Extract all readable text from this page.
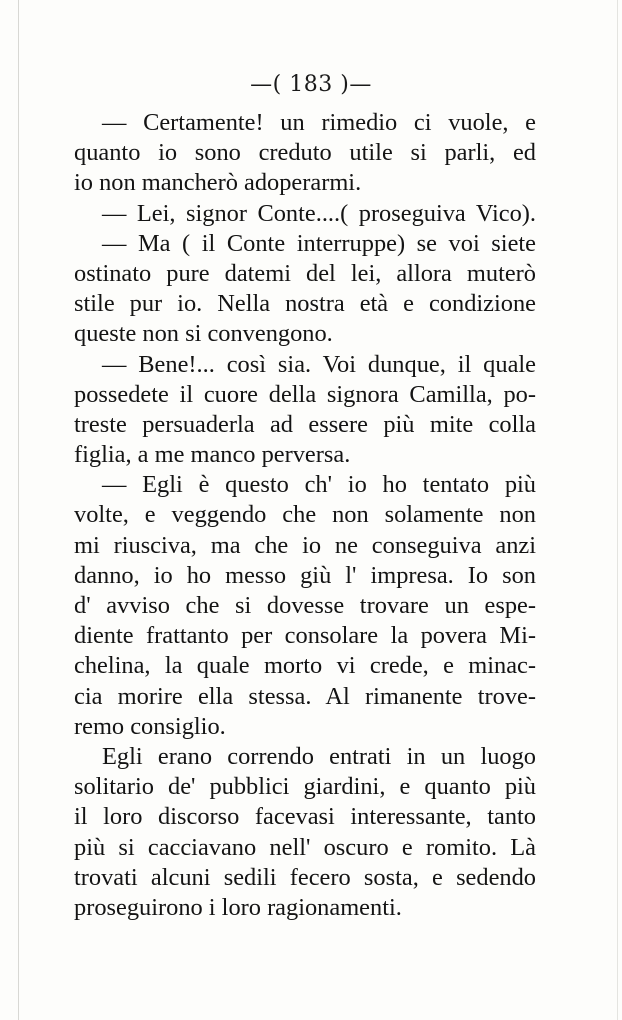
—( 183 )—
— Certamente! un rimedio ci vuole, e
quanto io sono creduto utile si parli, ed
io non mancherò adoperarmi.
— Lei, signor Conte....( proseguiva Vico).
— Ma ( il Conte interruppe) se voi siete
ostinato pure datemi del lei, allora muterò
stile pur io. Nella nostra età e condizione
queste non si convengono.
— Bene!... così sia. Voi dunque, il quale
possedete il cuore della signora Camilla, po-
treste persuaderla ad essere più mite colla
figlia, a me manco perversa.
— Egli è questo ch' io ho tentato più
volte, e veggendo che non solamente non
mi riusciva, ma che io ne conseguiva anzi
danno, io ho messo giù l' impresa. Io son
d' avviso che si dovesse trovare un espe-
diente frattanto per consolare la povera Mi-
chelina, la quale morto vi crede, e minac-
cia morire ella stessa. Al rimanente trove-
remo consiglio.
Egli erano correndo entrati in un luogo
solitario de' pubblici giardini, e quanto più
il loro discorso facevasi interessante, tanto
più si cacciavano nell' oscuro e romito. Là
trovati alcuni sedili fecero sosta, e sedendo
proseguirono i loro ragionamenti.
